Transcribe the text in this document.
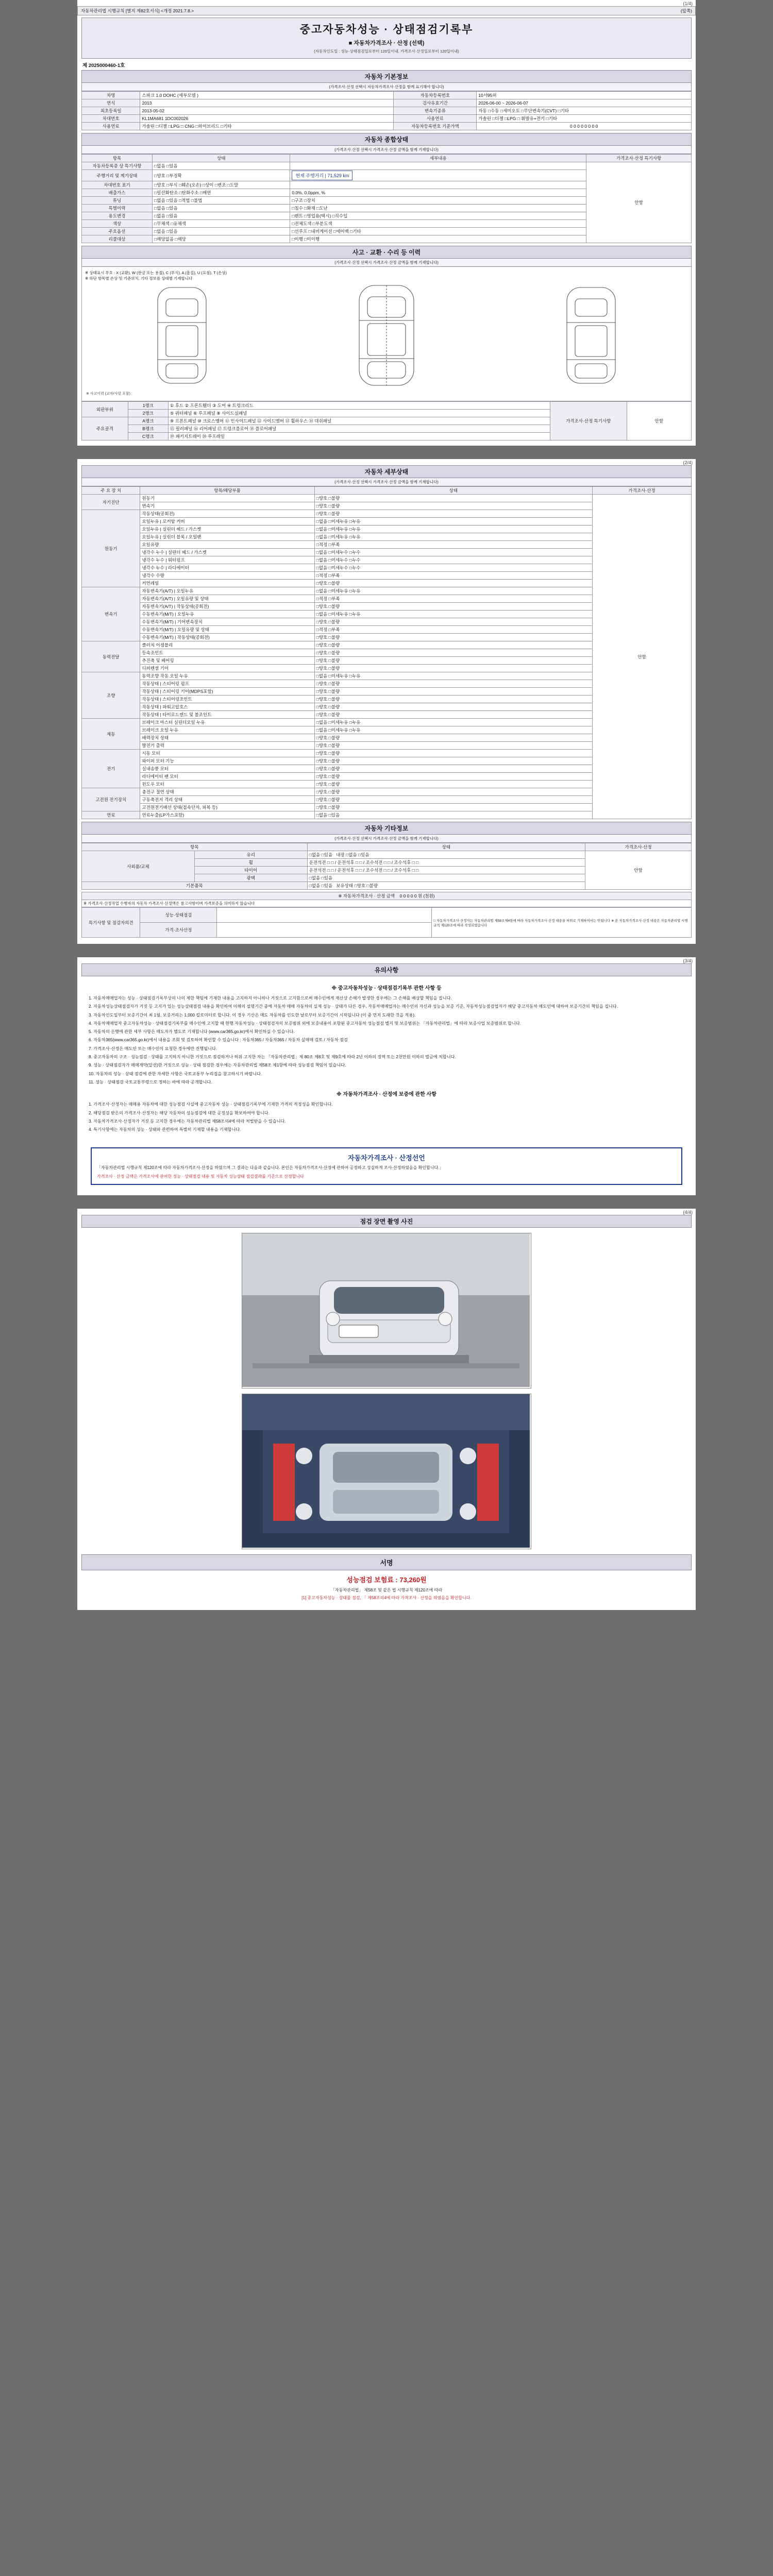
(1/4)
자동차관리법 시행규칙 [별지 제82호서식] <개정 2021.7.8.>	(앞쪽)
중고자동차성능 · 상태점검기록부
■ 자동차가격조사 · 산정 (선택)
(자동차인도일 : 성능·상태점검일로부터 120일이내, 가격조사·산정일로부터 120일이내)
제 2025000460-1호
자동차 기본정보
(가격조사·산정 선택시 자동차가격조사·산정을 함께 표기해야 합니다)
차명	스파크 1.0 DOHC (세부모델 )	자동차등록번호	10서95허
연식	2013	검사유효기간	2026-06-00 ~ 2026-06-07
최초등록일	2013-05-02	변속기종류	자동 □수동 □세미오토 □무단변속기(CVT) □기타
차대번호	KL1MA681 1DC002026	사용연료	가솔린 □디젤 □LPG □ 휘발유+전기 □기타
사용연료	가솔린 □디젤 □LPG □ CNG □하이브리드 □기타	자동차등록번호 기준가액	0 0 0 0 0 0 0 0
자동차 종합상태
(가격조사·산정 선택시 가격조사·산정 금액을 함께 기재합니다)
항목	상태	세부내용	가격조사·산정 특기사항
자동차등록증 상 특기사항	□없음 □있음		안함
주행거리 및 계기상태	□양호 □부정확	현재 주행거리 | 71,529 km	
차대번호 표기	□양호 □부식 □훼손(오손) □상이 □변조 □도말		
배출가스	□일산화탄소 □탄화수소 □매연	0.0%, 0.0ppm, %	
튜닝	□없음 □있음 □적법 □불법	□구조 □장치	
특별이력	□없음 □있음	□침수 □화재 □도난	
용도변경	□없음 □있음	□렌트 □영업용(택시) □직수입	
색상	□무채색 □유채색	□전체도색 □부분도색	
주요옵션	□없음 □있음	□선루프 □내비게이션 □에어백 □기타	
리콜대상	□해당없음 □해당	□이행 □미이행	
사고 · 교환 · 수리 등 이력
(가격조사·산정 선택시 가격조사·산정 금액을 함께 기재합니다)
※ 상태표시 부호 : X (교환), W (판금 또는 용접), C (부식), A (흠집), U (요철), T (손상)
※ 하단 항목별 손상 및 기준위치, 기타 정보를 상태별 기재합니다
※ 사고이력 (교차/사항 포함) :
외판부위	1랭크	① 후드 ② 프론트휀더 ③ 도어 ④ 트렁크리드	가격조사·산정 특기사항	안함
	2랭크	⑤ 쿼터패널 ⑥ 루프패널 ⑧ 사이드실패널		
주요골격	A랭크	⑨ 프론트패널 ⑩ 크로스멤버 ⑪ 인사이드패널 ⑫ 사이드멤버 ⑬ 휠하우스 ⑭ 대쉬패널		
	B랭크	⑮ 필러패널 ⑯ 리어패널 ⑰ 트렁크플로어 ⑱ 플로어패널		
	C랭크	⑲ 패키지트레이 ⑳ 루프레일		
(2/4)
자동차 세부상태
(가격조사·산정 선택시 가격조사·산정 금액을 함께 기재합니다)
주 요 장 치	항목/해당부품	상태	가격조사·산정
자기진단	원동기	□양호 □불량	안함
	변속기	□양호 □불량	
원동기	작동상태(공회전)	□양호 □불량	
	오일누유 | 로커암 커버	□없음 □미세누유 □누유	
	오일누유 | 실린더 헤드 / 가스켓	□없음 □미세누유 □누유	
	오일누유 | 실린더 블록 / 오일팬	□없음 □미세누유 □누유	
	오일유량	□적정 □부족	
	냉각수 누수 | 실린더 헤드 / 가스켓	□없음 □미세누수 □누수	
	냉각수 누수 | 워터펌프	□없음 □미세누수 □누수	
	냉각수 누수 | 라디에이터	□없음 □미세누수 □누수	
	냉각수 수량	□적정 □부족	
	커먼레일	□양호 □불량	
변속기	자동변속기(A/T) | 오일누유	□없음 □미세누유 □누유	
	자동변속기(A/T) | 오일유량 및 상태	□적정 □부족	
	자동변속기(A/T) | 작동상태(공회전)	□양호 □불량	
	수동변속기(M/T) | 오일누유	□없음 □미세누유 □누유	
	수동변속기(M/T) | 기어변속장치	□양호 □불량	
	수동변속기(M/T) | 오일유량 및 상태	□적정 □부족	
	수동변속기(M/T) | 작동상태(공회전)	□양호 □불량	
동력전달	클러치 어셈블리	□양호 □불량	
	등속조인트	□양호 □불량	
	추진축 및 베어링	□양호 □불량	
	디퍼렌셜 기어	□양호 □불량	
조향	동력조향 작동 오일 누유	□없음 □미세누유 □누유	
	작동상태 | 스티어링 펌프	□양호 □불량	
	작동상태 | 스티어링 기어(MDPS포함)	□양호 □불량	
	작동상태 | 스티어링조인트	□양호 □불량	
	작동상태 | 파워고압호스	□양호 □불량	
	작동상태 | 타이로드엔드 및 볼조인트	□양호 □불량	
제동	브레이크 마스터 실린더오일 누유	□없음 □미세누유 □누유	
	브레이크 오일 누유	□없음 □미세누유 □누유	
	배력장치 상태	□양호 □불량	
	발전기 출력	□양호 □불량	
전기	시동 모터	□양호 □불량	
	와이퍼 모터 기능	□양호 □불량	
	실내송풍 모터	□양호 □불량	
	라디에이터 팬 모터	□양호 □불량	
	윈도우 모터	□양호 □불량	
고전원 전기장치	충전구 절연 상태	□양호 □불량	
	구동축전지 격리 상태	□양호 □불량	
	고전원전기배선 상태(접속단자, 피복 등)	□양호 □불량	
연료	연료누출(LP가스포함)	□없음 □있음	
자동차 기타정보
(가격조사·산정 선택시 가격조사·산정 금액을 함께 기재합니다)
항목		상태	가격조사·산정
사외품/교체	유리	□없음 □있음 내장 □없음 □있음	안함
	휠	운전석전 □ □ / 운전석후 □ □ / 조수석전 □ □ / 조수석후 □ □	
	타이어	운전석전 □ □ / 운전석후 □ □ / 조수석전 □ □ / 조수석후 □ □	
	광택	□없음 □있음	
기본품목		□없음 □있음 보유상태 □양호 □불량	
※ 자동차가격조사 · 산정 금액 0 0 0 0 0 원 (천원)
※ 가격조사·산정작업 수행자의 자동차 가격조사·산정액은 참고사항이며 가격보증을 의미하지 않습니다
특기사항 및 점검자의견	성능·상태점검		□ 자동차가격조사·산정자는 자동차관리법 제58조제4항에 따라 자동차가격조사·산정 내용을 허위로 기재하여서는 안됩니다 ※ 본 자동차가격조사·산정 내용은 자동차관리법 시행규칙 제120조에 따라 작성되었습니다
	가격·조사산정		
(3/4)
유의사항
※ 중고자동차성능 · 상태점검기록부 관한 사항 등

1. 자동차매매업자는 성능 · 상태점검기록부상의 나의 제한 책임에 기재한 내용을 고지하지 아니하나 거짓으로 고지함으로써 매수인에게 재산상 손해가 발생한 경우에는 그 손해를 배상할 책임을 집니다.

2. 자동차성능상태점검자가 거짓 등 고지가 있는 성능상태점검 내용을 확인하여 이해의 설명기간 중에 자동차 매매 자동차의 실제 성능 · 상태가 다른 경우, 자동차매매업자는 매수인의 자신과 성능을 보증 기준, 자동차성능점검업자가 해당 중고자동차 매도인에 대하여 보증기간의 책임을 집니다.

3. 자동차인도일부터 보증기간이 최 1월, 보증거리는 1,000 킬로미터로 합니다. 이 경우 기산은 매도 자동차를 인도한 날로부터 보증기간이 시작됩니다 (이 중 먼저 도래한 것을 적용).

4. 자동차매매업자 중고자동차성능 · 상태점검기록부를 매수인에 고지할 때 현행 자동차성능 · 상태점검자의 보증범위 외에 보증내용이 포함된 중고자동차 성능점검 별지 및 보증범위는 「자동차관리법」에 따라 보증사업 보증범위로 합니다.

5. 자동차의 은행에 관한 세부 사항은 매도자가 별도로 기재합니다 (www.car365.go.kr)에서 확인하실 수 있습니다.

6. 자동차365(www.car365.go.kr)에서 내용을 조회 및 검토하여 확인할 수 있습니다 : 자동차365 / 자동차365 / 자동차 실매매 검토 / 자동차 점검

7. 가격조사·산정은 매도인 또는 매수인이 요청한 경우에만 진행됩니다.

8. 중고자동차의 구조 · 성능점검 · 상태를 고지하지 아니한 거짓으로 점검하거나 허위 고지한 자는 「자동차관리법」제 80조 제8호 및 제9호에 따라 2년 이하의 징역 또는 2천만원 이하의 벌금에 처합니다.

9. 성능 · 상태점검자가 매매계약(알선)한 거짓으로 성능 · 상태 점검한 경우에는 자동차관리법 제58조 제1항에 따라 성능점검 책임이 있습니다.

10. 자동차의 성능 · 상태 점검에 관한 자세한 사항은 국토교통부 누리집을 참고하시기 바랍니다.

11. 성능 · 상태점검 국토교통부령으로 정하는 바에 따라 공개합니다.

※ 자동차가격조사 · 산정에 보증에 관한 사항

1. 가격조사·산정자는 매매용 자동차에 대한 성능점검 사실에 중고자동차 성능 · 상태점검기록부에 기재한 가격의 적정성을 확인합니다.

2. 해당점검 받은의 가격조사·산정자는 해당 자동차의 성능점검에 대한 공정성을 확보하여야 합니다.

3. 자동차가격조사·산정자가 거짓 등 고지한 경우에는 자동차관리법 제58조의4에 따라 처벌받을 수 있습니다.

4. 특기사항에는 자동차의 성능 · 상태와 관련하여 특별히 기재할 내용을 기재합니다.

자동차가격조사 · 산정선언
「자동차관리법 시행규칙 제120조에 따라 자동차가격조사·산정을 하였으며 그 결과는 다음과 같습니다. 본인은 자동차가격조사·산정에 관하여 공정하고 성실하게 조사·산정하였음을 확인합니다.」
가격조사 · 산정 금액은 가격조사에 관여한 성능 · 상태점검 내용 및 자동차 성능상태 점검결과를 기준으로 산정합니다
(4/4)
점검 장면 촬영 사진
서명
성능점검 보험료 : 73,260원
「자동차관리법」 제58조 및 같은 법 시행규칙 제120조에 따라
[1] 중고자동차성능 · 상태를 점검, 「 제58조의4에 따라 가격조사 · 산정을 하였음을 확인합니다.
